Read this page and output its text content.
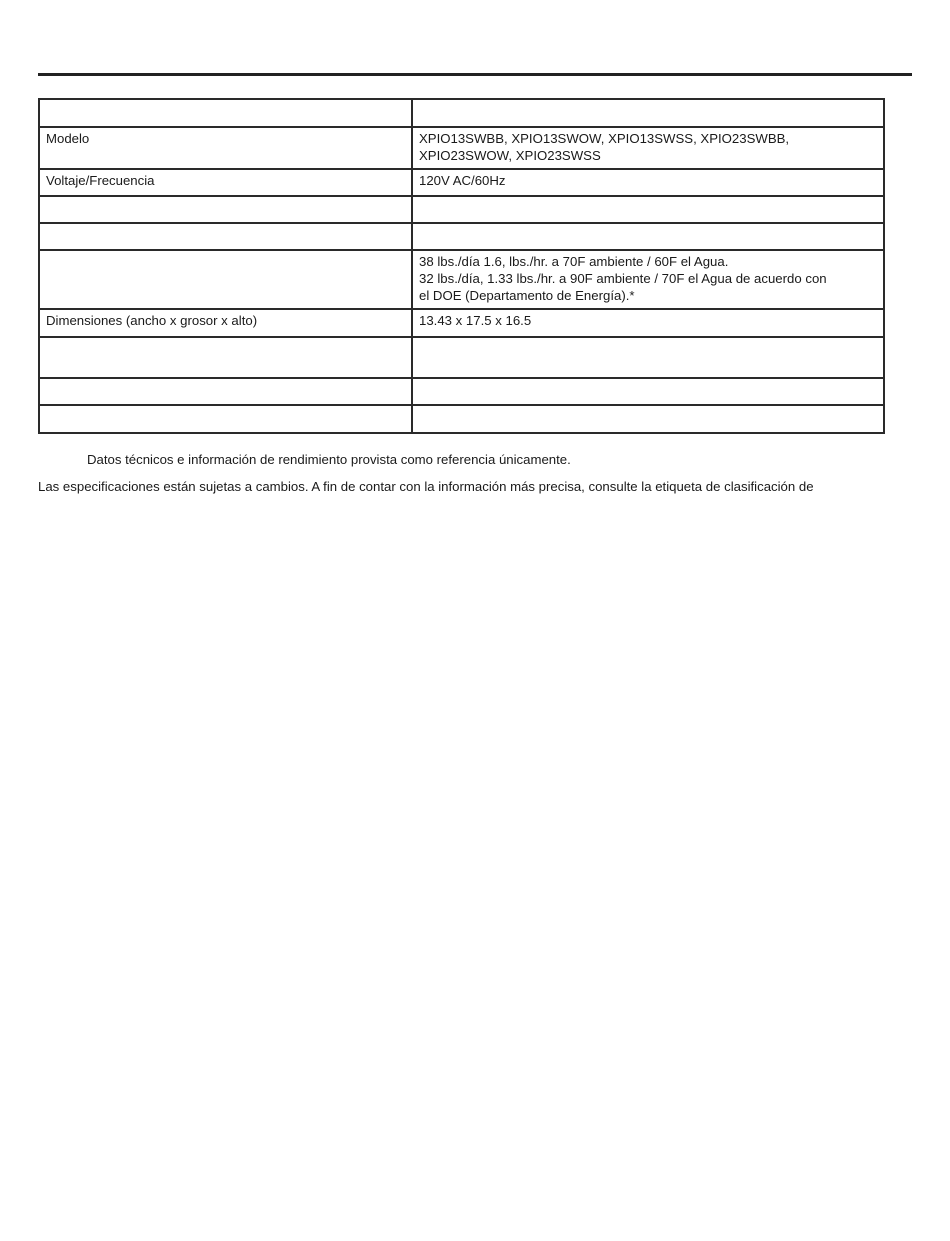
Modelo	XPIO13SWBB, XPIO13SWOW, XPIO13SWSS, XPIO23SWBB,
XPIO23SWOW, XPIO23SWSS

Voltaje/Frecuencia	120V AC/60Hz

	38 lbs./día 1.6, lbs./hr. a 70F ambiente / 60F el Agua.
32 lbs./día, 1.33 lbs./hr. a 90F ambiente / 70F el Agua de acuerdo con
el DOE (Departamento de Energía).*

Dimensiones (ancho x grosor x alto)	13.43 x 17.5 x 16.5

Datos técnicos e información de rendimiento provista como referencia únicamente.
Las especificaciones están sujetas a cambios. A fin de contar con la información más precisa, consulte la etiqueta de clasificación de
